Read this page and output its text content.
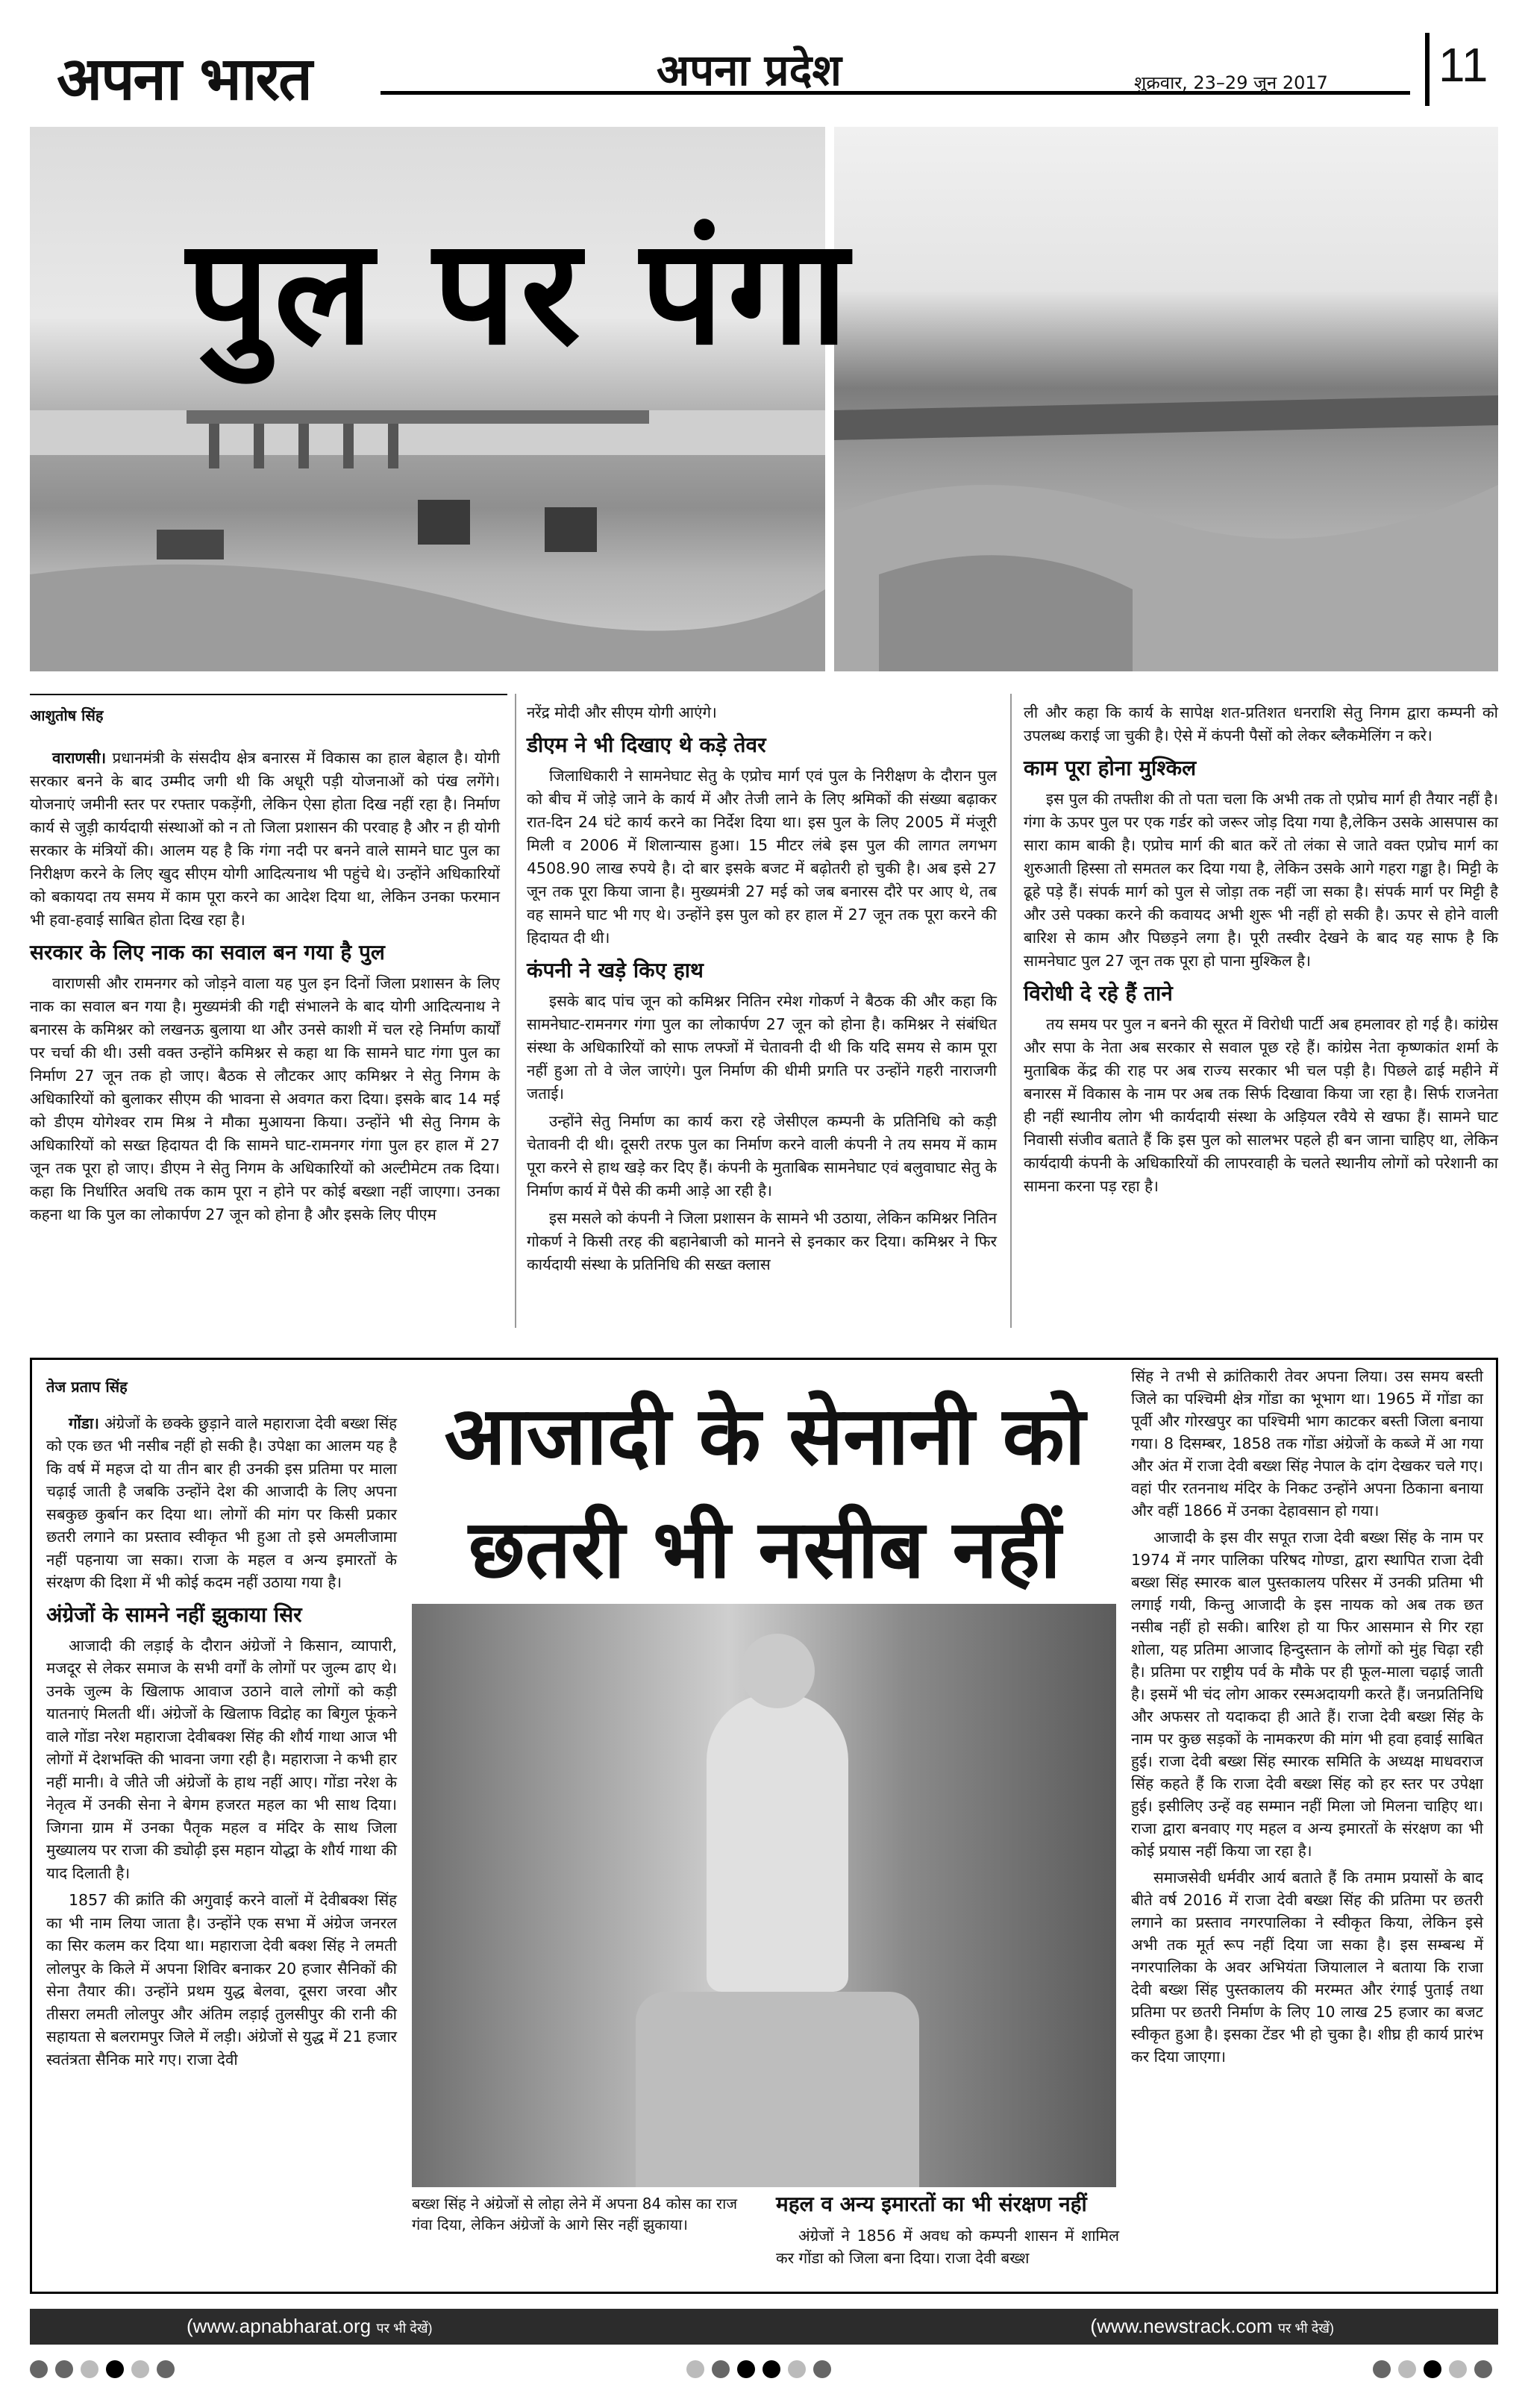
अपना भारत	अपना प्रदेश	शुक्रवार, 23–29 जून 2017 11
पुल पर पंगा
आशुतोष सिंह

वाराणसी। प्रधानमंत्री के संसदीय क्षेत्र बनारस में विकास का हाल बेहाल है। योगी सरकार बनने के बाद उम्मीद जगी थी कि अधूरी पड़ी योजनाओं को पंख लगेंगे। योजनाएं जमीनी स्तर पर रफ्तार पकड़ेंगी, लेकिन ऐसा होता दिख नहीं रहा है। निर्माण कार्य से जुड़ी कार्यदायी संस्थाओं को न तो जिला प्रशासन की परवाह है और न ही योगी सरकार के मंत्रियों की। आलम यह है कि गंगा नदी पर बनने वाले सामने घाट पुल का निरीक्षण करने के लिए खुद सीएम योगी आदित्यनाथ भी पहुंचे थे। उन्होंने अधिकारियों को बकायदा तय समय में काम पूरा करने का आदेश दिया था, लेकिन उनका फरमान भी हवा-हवाई साबित होता दिख रहा है।

सरकार के लिए नाक का सवाल बन गया है पुल

वाराणसी और रामनगर को जोड़ने वाला यह पुल इन दिनों जिला प्रशासन के लिए नाक का सवाल बन गया है। मुख्यमंत्री की गद्दी संभालने के बाद योगी आदित्यनाथ ने बनारस के कमिश्नर को लखनऊ बुलाया था और उनसे काशी में चल रहे निर्माण कार्यों पर चर्चा की थी। उसी वक्त उन्होंने कमिश्नर से कहा था कि सामने घाट गंगा पुल का निर्माण 27 जून तक हो जाए। बैठक से लौटकर आए कमिश्नर ने सेतु निगम के अधिकारियों को बुलाकर सीएम की भावना से अवगत करा दिया। इसके बाद 14 मई को डीएम योगेश्वर राम मिश्र ने मौका मुआयना किया। उन्होंने भी सेतु निगम के अधिकारियों को सख्त हिदायत दी कि सामने घाट-रामनगर गंगा पुल हर हाल में 27 जून तक पूरा हो जाए। डीएम ने सेतु निगम के अधिकारियों को अल्टीमेटम तक दिया। कहा कि निर्धारित अवधि तक काम पूरा न होने पर कोई बख्शा नहीं जाएगा। उनका कहना था कि पुल का लोकार्पण 27 जून को होना है और इसके लिए पीएम

नरेंद्र मोदी और सीएम योगी आएंगे।

डीएम ने भी दिखाए थे कड़े तेवर

जिलाधिकारी ने सामनेघाट सेतु के एप्रोच मार्ग एवं पुल के निरीक्षण के दौरान पुल को बीच में जोड़े जाने के कार्य में और तेजी लाने के लिए श्रमिकों की संख्या बढ़ाकर रात-दिन 24 घंटे कार्य करने का निर्देश दिया था। इस पुल के लिए 2005 में मंजूरी मिली व 2006 में शिलान्यास हुआ। 15 मीटर लंबे इस पुल की लागत लगभग 4508.90 लाख रुपये है। दो बार इसके बजट में बढ़ोतरी हो चुकी है। अब इसे 27 जून तक पूरा किया जाना है। मुख्यमंत्री 27 मई को जब बनारस दौरे पर आए थे, तब वह सामने घाट भी गए थे। उन्होंने इस पुल को हर हाल में 27 जून तक पूरा करने की हिदायत दी थी।

कंपनी ने खड़े किए हाथ

इसके बाद पांच जून को कमिश्नर नितिन रमेश गोकर्ण ने बैठक की और कहा कि सामनेघाट-रामनगर गंगा पुल का लोकार्पण 27 जून को होना है। कमिश्नर ने संबंधित संस्था के अधिकारियों को साफ लफ्जों में चेतावनी दी थी कि यदि समय से काम पूरा नहीं हुआ तो वे जेल जाएंगे। पुल निर्माण की धीमी प्रगति पर उन्होंने गहरी नाराजगी जताई।

उन्होंने सेतु निर्माण का कार्य करा रहे जेसीएल कम्पनी के प्रतिनिधि को कड़ी चेतावनी दी थी। दूसरी तरफ पुल का निर्माण करने वाली कंपनी ने तय समय में काम पूरा करने से हाथ खड़े कर दिए हैं। कंपनी के मुताबिक सामनेघाट एवं बलुवाघाट सेतु के निर्माण कार्य में पैसे की कमी आड़े आ रही है।

इस मसले को कंपनी ने जिला प्रशासन के सामने भी उठाया, लेकिन कमिश्नर नितिन गोकर्ण ने किसी तरह की बहानेबाजी को मानने से इनकार कर दिया। कमिश्नर ने फिर कार्यदायी संस्था के प्रतिनिधि की सख्त क्लास

ली और कहा कि कार्य के सापेक्ष शत-प्रतिशत धनराशि सेतु निगम द्वारा कम्पनी को उपलब्ध कराई जा चुकी है। ऐसे में कंपनी पैसों को लेकर ब्लैकमेलिंग न करे।

काम पूरा होना मुश्किल

इस पुल की तफ्तीश की तो पता चला कि अभी तक तो एप्रोच मार्ग ही तैयार नहीं है। गंगा के ऊपर पुल पर एक गर्डर को जरूर जोड़ दिया गया है,लेकिन उसके आसपास का सारा काम बाकी है। एप्रोच मार्ग की बात करें तो लंका से जाते वक्त एप्रोच मार्ग का शुरुआती हिस्सा तो समतल कर दिया गया है, लेकिन उसके आगे गहरा गड्ढा है। मिट्टी के ढूहे पड़े हैं। संपर्क मार्ग को पुल से जोड़ा तक नहीं जा सका है। संपर्क मार्ग पर मिट्टी है और उसे पक्का करने की कवायद अभी शुरू भी नहीं हो सकी है। ऊपर से होने वाली बारिश से काम और पिछड़ने लगा है। पूरी तस्वीर देखने के बाद यह साफ है कि सामनेघाट पुल 27 जून तक पूरा हो पाना मुश्किल है।

विरोधी दे रहे हैं ताने

तय समय पर पुल न बनने की सूरत में विरोधी पार्टी अब हमलावर हो गई है। कांग्रेस और सपा के नेता अब सरकार से सवाल पूछ रहे हैं। कांग्रेस नेता कृष्णकांत शर्मा के मुताबिक केंद्र की राह पर अब राज्य सरकार भी चल पड़ी है। पिछले ढाई महीने में बनारस में विकास के नाम पर अब तक सिर्फ दिखावा किया जा रहा है। सिर्फ राजनेता ही नहीं स्थानीय लोग भी कार्यदायी संस्था के अड़ियल रवैये से खफा हैं। सामने घाट निवासी संजीव बताते हैं कि इस पुल को सालभर पहले ही बन जाना चाहिए था, लेकिन कार्यदायी कंपनी के अधिकारियों की लापरवाही के चलते स्थानीय लोगों को परेशानी का सामना करना पड़ रहा है।

तेज प्रताप सिंह

गोंडा। अंग्रेजों के छक्के छुड़ाने वाले महाराजा देवी बख्श सिंह को एक छत भी नसीब नहीं हो सकी है। उपेक्षा का आलम यह है कि वर्ष में महज दो या तीन बार ही उनकी इस प्रतिमा पर माला चढ़ाई जाती है जबकि उन्होंने देश की आजादी के लिए अपना सबकुछ कुर्बान कर दिया था। लोगों की मांग पर किसी प्रकार छतरी लगाने का प्रस्ताव स्वीकृत भी हुआ तो इसे अमलीजामा नहीं पहनाया जा सका। राजा के महल व अन्य इमारतों के संरक्षण की दिशा में भी कोई कदम नहीं उठाया गया है।

अंग्रेजों के सामने नहीं झुकाया सिर

आजादी की लड़ाई के दौरान अंग्रेजों ने किसान, व्यापारी, मजदूर से लेकर समाज के सभी वर्गों के लोगों पर जुल्म ढाए थे। उनके जुल्म के खिलाफ आवाज उठाने वाले लोगों को कड़ी यातनाएं मिलती थीं। अंग्रेजों के खिलाफ विद्रोह का बिगुल फूंकने वाले गोंडा नरेश महाराजा देवीबक्श सिंह की शौर्य गाथा आज भी लोगों में देशभक्ति की भावना जगा रही है। महाराजा ने कभी हार नहीं मानी। वे जीते जी अंग्रेजों के हाथ नहीं आए। गोंडा नरेश के नेतृत्व में उनकी सेना ने बेगम हजरत महल का भी साथ दिया। जिगना ग्राम में उनका पैतृक महल व मंदिर के साथ जिला मुख्यालय पर राजा की ड्योढ़ी इस महान योद्धा के शौर्य गाथा की याद दिलाती है।

1857 की क्रांति की अगुवाई करने वालों में देवीबक्श सिंह का भी नाम लिया जाता है। उन्होंने एक सभा में अंग्रेज जनरल का सिर कलम कर दिया था। महाराजा देवी बक्श सिंह ने लमती लोलपुर के किले में अपना शिविर बनाकर 20 हजार सैनिकों की सेना तैयार की। उन्होंने प्रथम युद्ध बेलवा, दूसरा जरवा और तीसरा लमती लोलपुर और अंतिम लड़ाई तुलसीपुर की रानी की सहायता से बलरामपुर जिले में लड़ी। अंग्रेजों से युद्ध में 21 हजार स्वतंत्रता सैनिक मारे गए। राजा देवी

आजादी के सेनानी को
छतरी भी नसीब नहीं
बख्श सिंह ने अंग्रेजों से लोहा लेने में अपना 84 कोस का राज गंवा दिया, लेकिन अंग्रेजों के आगे सिर नहीं झुकाया।
महल व अन्य इमारतों का भी संरक्षण नहीं
अंग्रेजों ने 1856 में अवध को कम्पनी शासन में शामिल कर गोंडा को जिला बना दिया। राजा देवी बख्श

सिंह ने तभी से क्रांतिकारी तेवर अपना लिया। उस समय बस्ती जिले का पश्चिमी क्षेत्र गोंडा का भूभाग था। 1965 में गोंडा का पूर्वी और गोरखपुर का पश्चिमी भाग काटकर बस्ती जिला बनाया गया। 8 दिसम्बर, 1858 तक गोंडा अंग्रेजों के कब्जे में आ गया और अंत में राजा देवी बख्श सिंह नेपाल के दांग देखकर चले गए। वहां पीर रतननाथ मंदिर के निकट उन्होंने अपना ठिकाना बनाया और वहीं 1866 में उनका देहावसान हो गया।

आजादी के इस वीर सपूत राजा देवी बख्श सिंह के नाम पर 1974 में नगर पालिका परिषद गोण्डा, द्वारा स्थापित राजा देवी बख्श सिंह स्मारक बाल पुस्तकालय परिसर में उनकी प्रतिमा भी लगाई गयी, किन्तु आजादी के इस नायक को अब तक छत नसीब नहीं हो सकी। बारिश हो या फिर आसमान से गिर रहा शोला, यह प्रतिमा आजाद हिन्दुस्तान के लोगों को मुंह चिढ़ा रही है। प्रतिमा पर राष्ट्रीय पर्व के मौके पर ही फूल-माला चढ़ाई जाती है। इसमें भी चंद लोग आकर रस्मअदायगी करते हैं। जनप्रतिनिधि और अफसर तो यदाकदा ही आते हैं। राजा देवी बख्श सिंह के नाम पर कुछ सड़कों के नामकरण की मांग भी हवा हवाई साबित हुई। राजा देवी बख्श सिंह स्मारक समिति के अध्यक्ष माधवराज सिंह कहते हैं कि राजा देवी बख्श सिंह को हर स्तर पर उपेक्षा हुई। इसीलिए उन्हें वह सम्मान नहीं मिला जो मिलना चाहिए था। राजा द्वारा बनवाए गए महल व अन्य इमारतों के संरक्षण का भी कोई प्रयास नहीं किया जा रहा है।

समाजसेवी धर्मवीर आर्य बताते हैं कि तमाम प्रयासों के बाद बीते वर्ष 2016 में राजा देवी बख्श सिंह की प्रतिमा पर छतरी लगाने का प्रस्ताव नगरपालिका ने स्वीकृत किया, लेकिन इसे अभी तक मूर्त रूप नहीं दिया जा सका है। इस सम्बन्ध में नगरपालिका के अवर अभियंता जियालाल ने बताया कि राजा देवी बख्श सिंह पुस्तकालय की मरम्मत और रंगाई पुताई तथा प्रतिमा पर छतरी निर्माण के लिए 10 लाख 25 हजार का बजट स्वीकृत हुआ है। इसका टेंडर भी हो चुका है। शीघ्र ही कार्य प्रारंभ कर दिया जाएगा।

(www.apnabharat.org पर भी देखें)	(www.newstrack.com पर भी देखें)
